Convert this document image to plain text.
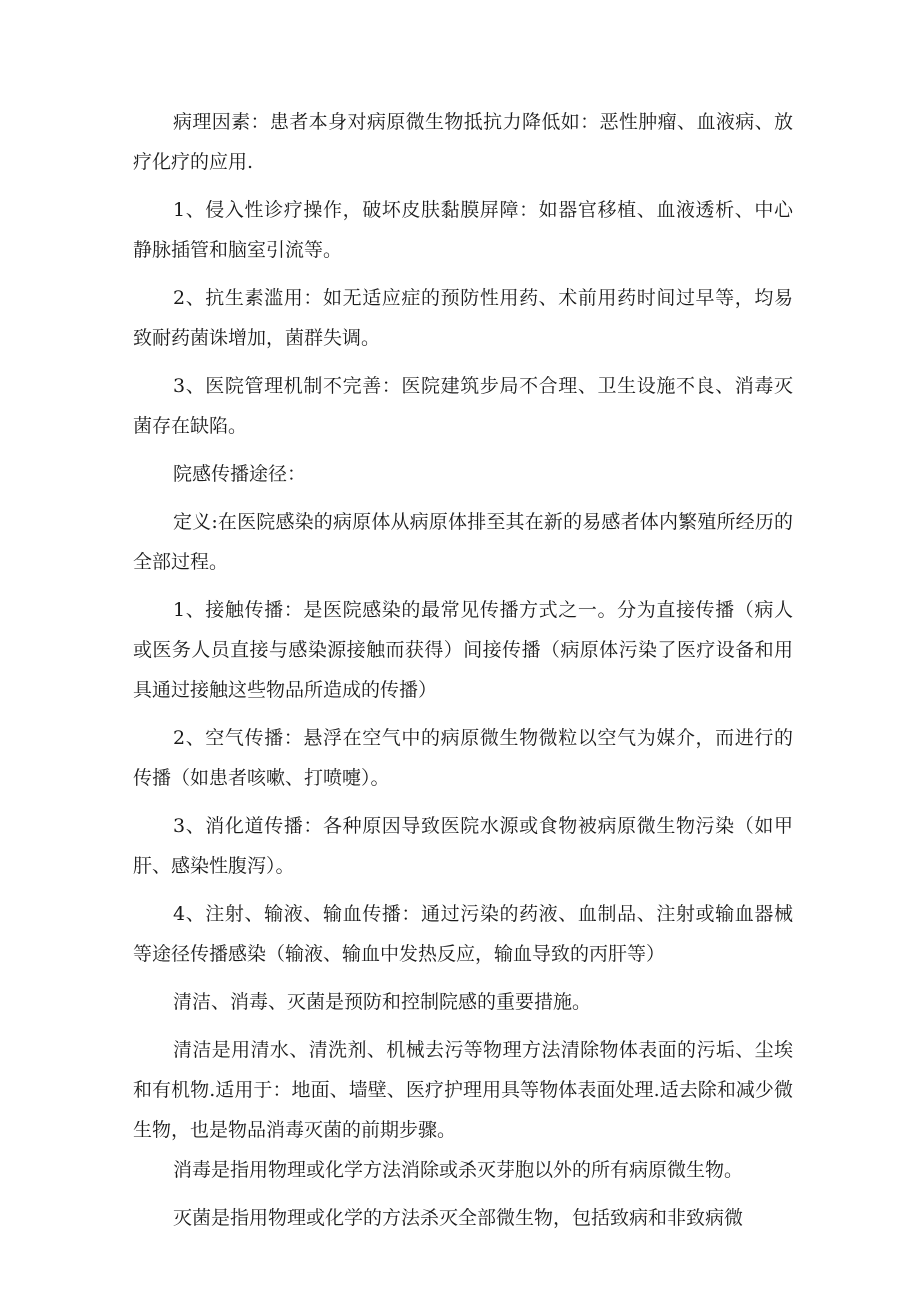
病理因素：患者本身对病原微生物抵抗力降低如：恶性肿瘤、血液病、放疗化疗的应用.

1、侵入性诊疗操作，破坏皮肤黏膜屏障：如器官移植、血液透析、中心静脉插管和脑室引流等。

2、抗生素滥用：如无适应症的预防性用药、术前用药时间过早等，均易致耐药菌诛增加，菌群失调。

3、医院管理机制不完善：医院建筑步局不合理、卫生设施不良、消毒灭菌存在缺陷。

院感传播途径：

定义:在医院感染的病原体从病原体排至其在新的易感者体内繁殖所经历的全部过程。

1、接触传播：是医院感染的最常见传播方式之一。分为直接传播（病人或医务人员直接与感染源接触而获得）间接传播（病原体污染了医疗设备和用具通过接触这些物品所造成的传播）

2、空气传播：悬浮在空气中的病原微生物微粒以空气为媒介，而进行的传播（如患者咳嗽、打喷嚏）。

3、消化道传播：各种原因导致医院水源或食物被病原微生物污染（如甲肝、感染性腹泻）。

4、注射、输液、输血传播：通过污染的药液、血制品、注射或输血器械等途径传播感染（输液、输血中发热反应，输血导致的丙肝等）

清洁、消毒、灭菌是预防和控制院感的重要措施。

清洁是用清水、清洗剂、机械去污等物理方法清除物体表面的污垢、尘埃和有机物.适用于：地面、墙壁、医疗护理用具等物体表面处理.适去除和减少微生物，也是物品消毒灭菌的前期步骤。

消毒是指用物理或化学方法消除或杀灭芽胞以外的所有病原微生物。

灭菌是指用物理或化学的方法杀灭全部微生物，包括致病和非致病微
